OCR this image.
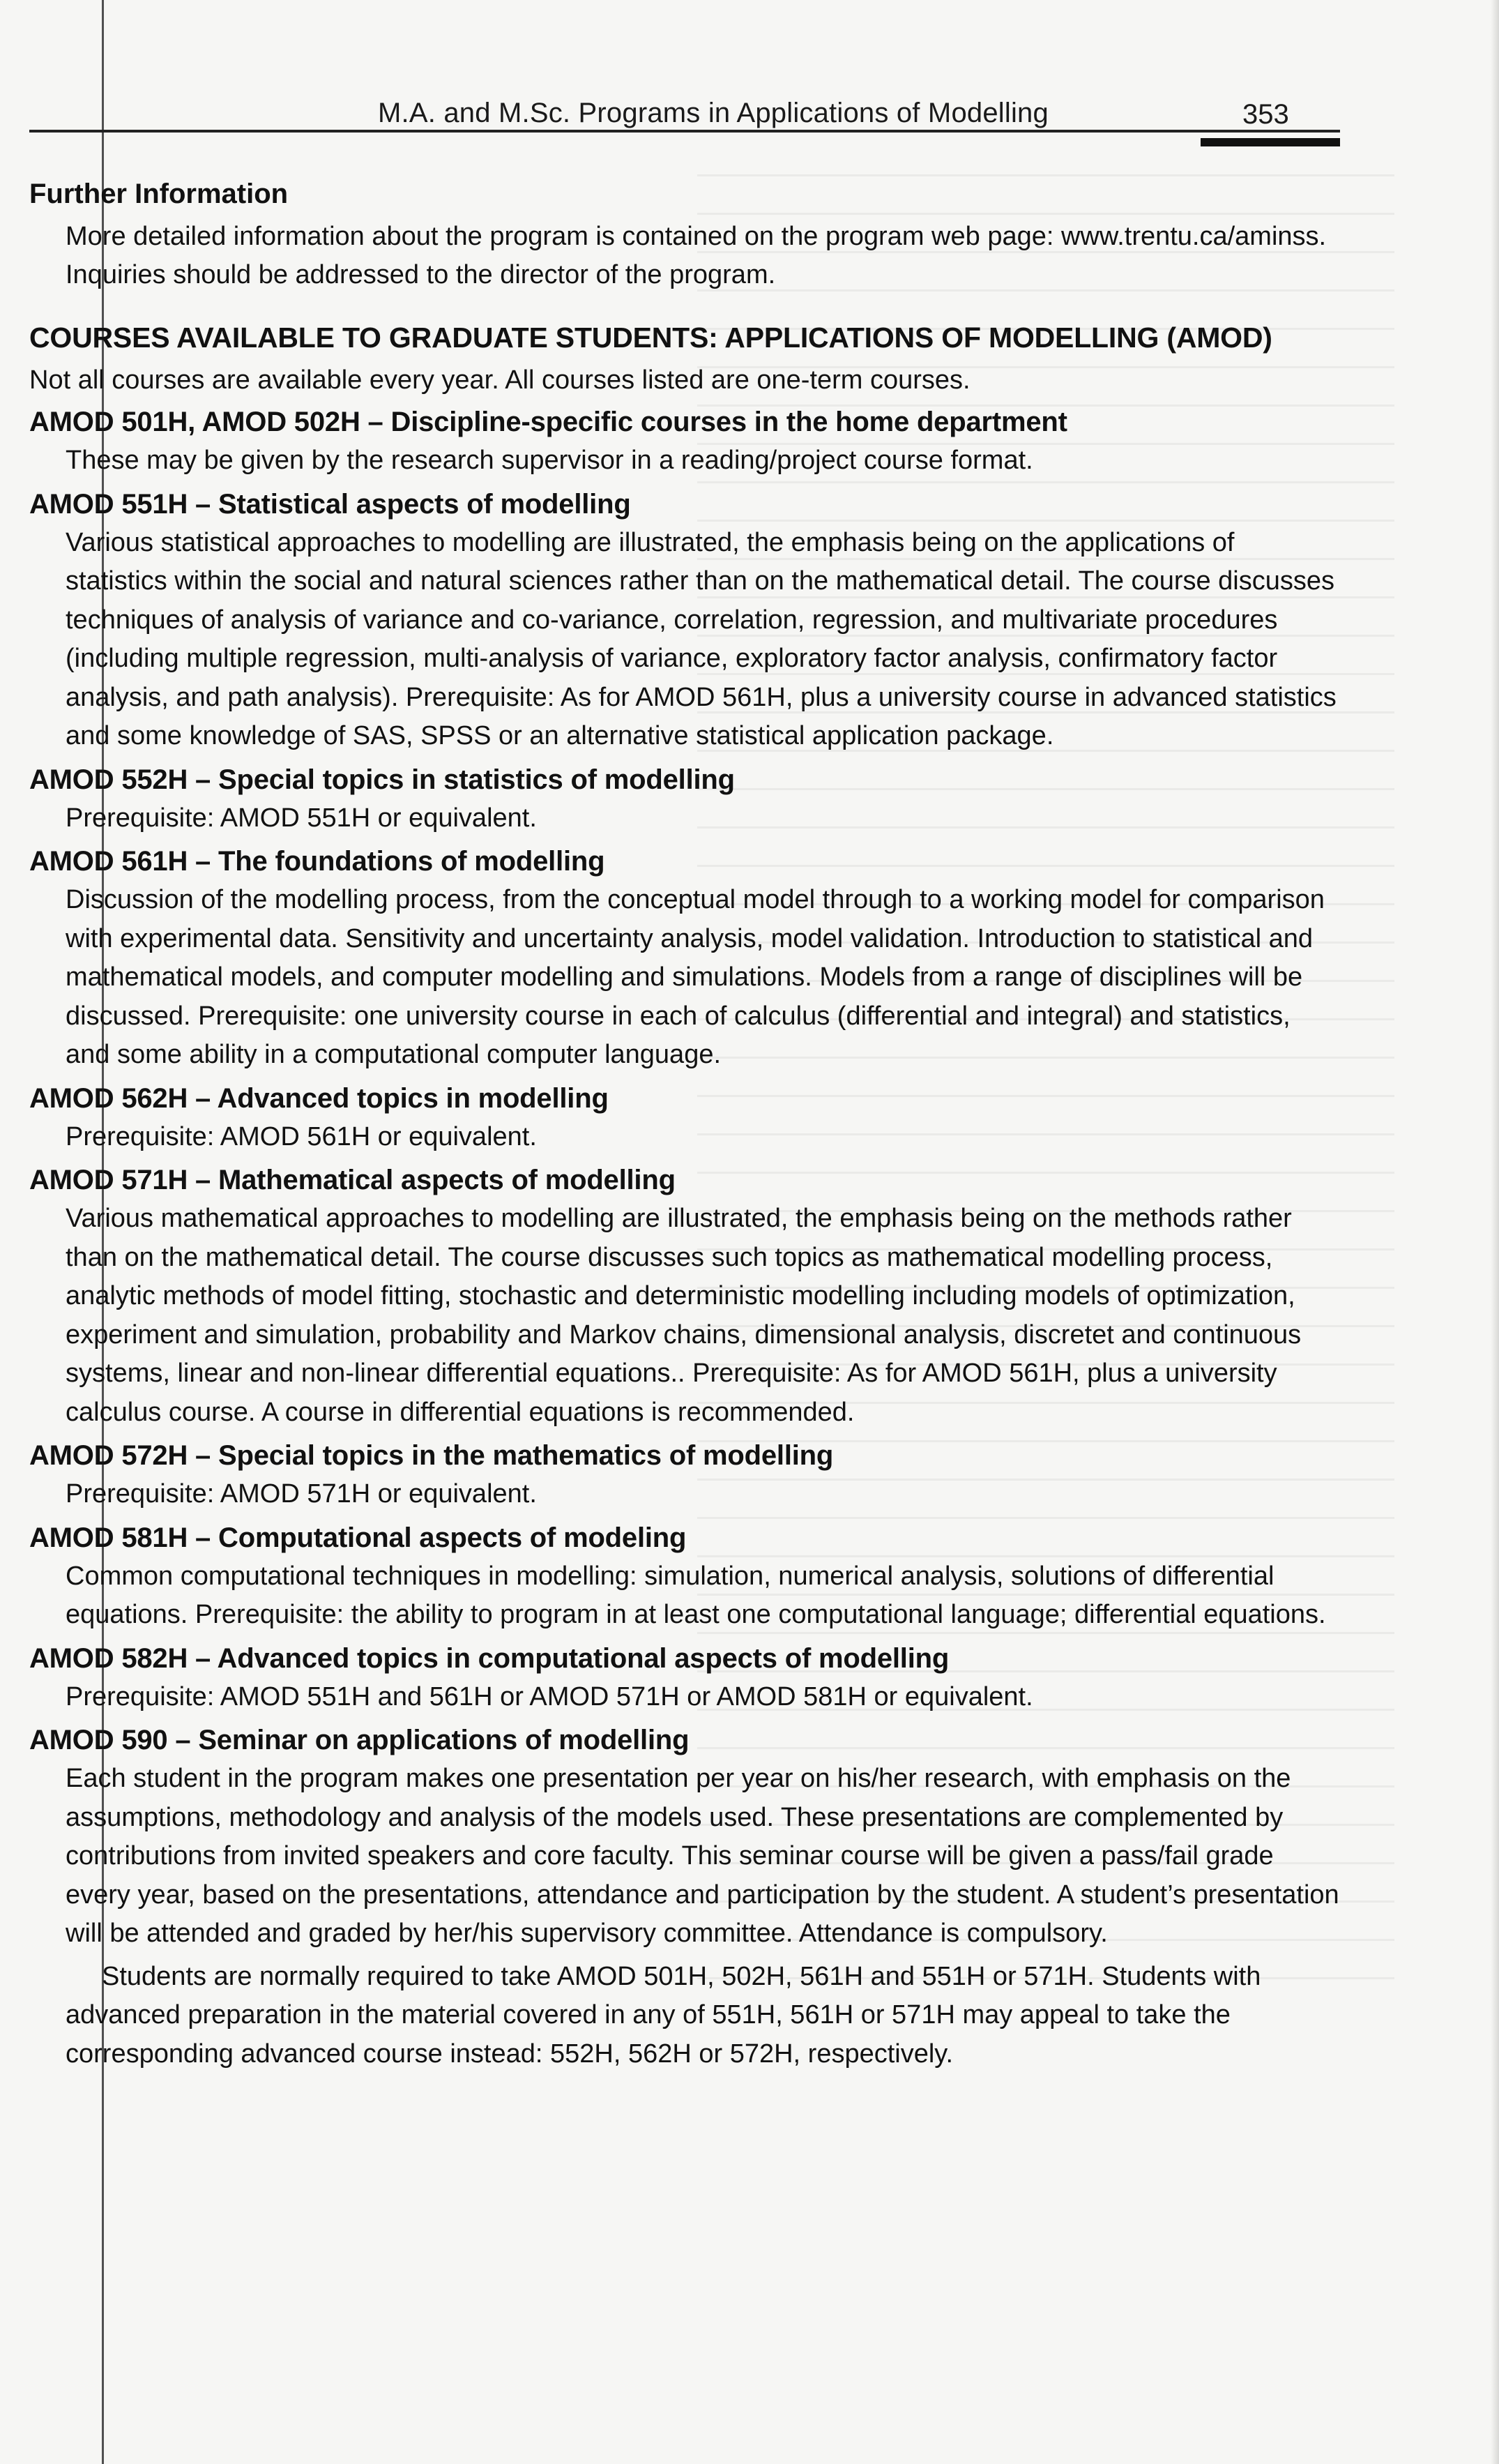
M.A. and M.Sc. Programs in Applications of Modelling	353
Further Information

More detailed information about the program is contained on the program web page: www.trentu.ca/aminss. Inquiries should be addressed to the director of the program.

COURSES AVAILABLE TO GRADUATE STUDENTS: APPLICATIONS OF MODELLING (AMOD)

Not all courses are available every year. All courses listed are one-term courses.

AMOD 501H, AMOD 502H – Discipline-specific courses in the home department

These may be given by the research supervisor in a reading/project course format.

AMOD 551H – Statistical aspects of modelling

Various statistical approaches to modelling are illustrated, the emphasis being on the applications of statistics within the social and natural sciences rather than on the mathematical detail. The course discusses techniques of analysis of variance and co-variance, correlation, regression, and multivariate procedures (including multiple regression, multi-analysis of variance, exploratory factor analysis, confirmatory factor analysis, and path analysis). Prerequisite: As for AMOD 561H, plus a university course in advanced statistics and some knowledge of SAS, SPSS or an alternative statistical application package.

AMOD 552H – Special topics in statistics of modelling

Prerequisite: AMOD 551H or equivalent.

AMOD 561H – The foundations of modelling

Discussion of the modelling process, from the conceptual model through to a working model for comparison with experimental data. Sensitivity and uncertainty analysis, model validation. Introduction to statistical and mathematical models, and computer modelling and simulations. Models from a range of disciplines will be discussed. Prerequisite: one university course in each of calculus (differential and integral) and statistics, and some ability in a computational computer language.

AMOD 562H – Advanced topics in modelling

Prerequisite: AMOD 561H or equivalent.

AMOD 571H – Mathematical aspects of modelling

Various mathematical approaches to modelling are illustrated, the emphasis being on the methods rather than on the mathematical detail. The course discusses such topics as mathematical modelling process, analytic methods of model fitting, stochastic and deterministic modelling including models of optimization, experiment and simulation, probability and Markov chains, dimensional analysis, discretet and continuous systems, linear and non-linear differential equations.. Prerequisite: As for AMOD 561H, plus a university calculus course. A course in differential equations is recommended.

AMOD 572H – Special topics in the mathematics of modelling

Prerequisite: AMOD 571H or equivalent.

AMOD 581H – Computational aspects of modeling

Common computational techniques in modelling: simulation, numerical analysis, solutions of differential equations. Prerequisite: the ability to program in at least one computational language; differential equations.

AMOD 582H – Advanced topics in computational aspects of modelling

Prerequisite: AMOD 551H and 561H or AMOD 571H or AMOD 581H or equivalent.

AMOD 590 – Seminar on applications of modelling

Each student in the program makes one presentation per year on his/her research, with emphasis on the assumptions, methodology and analysis of the models used. These presentations are complemented by contributions from invited speakers and core faculty. This seminar course will be given a pass/fail grade every year, based on the presentations, attendance and participation by the student. A student’s presentation will be attended and graded by her/his supervisory committee. Attendance is compulsory.

Students are normally required to take AMOD 501H, 502H, 561H and 551H or 571H. Students with advanced preparation in the material covered in any of 551H, 561H or 571H may appeal to take the corresponding advanced course instead: 552H, 562H or 572H, respectively.
